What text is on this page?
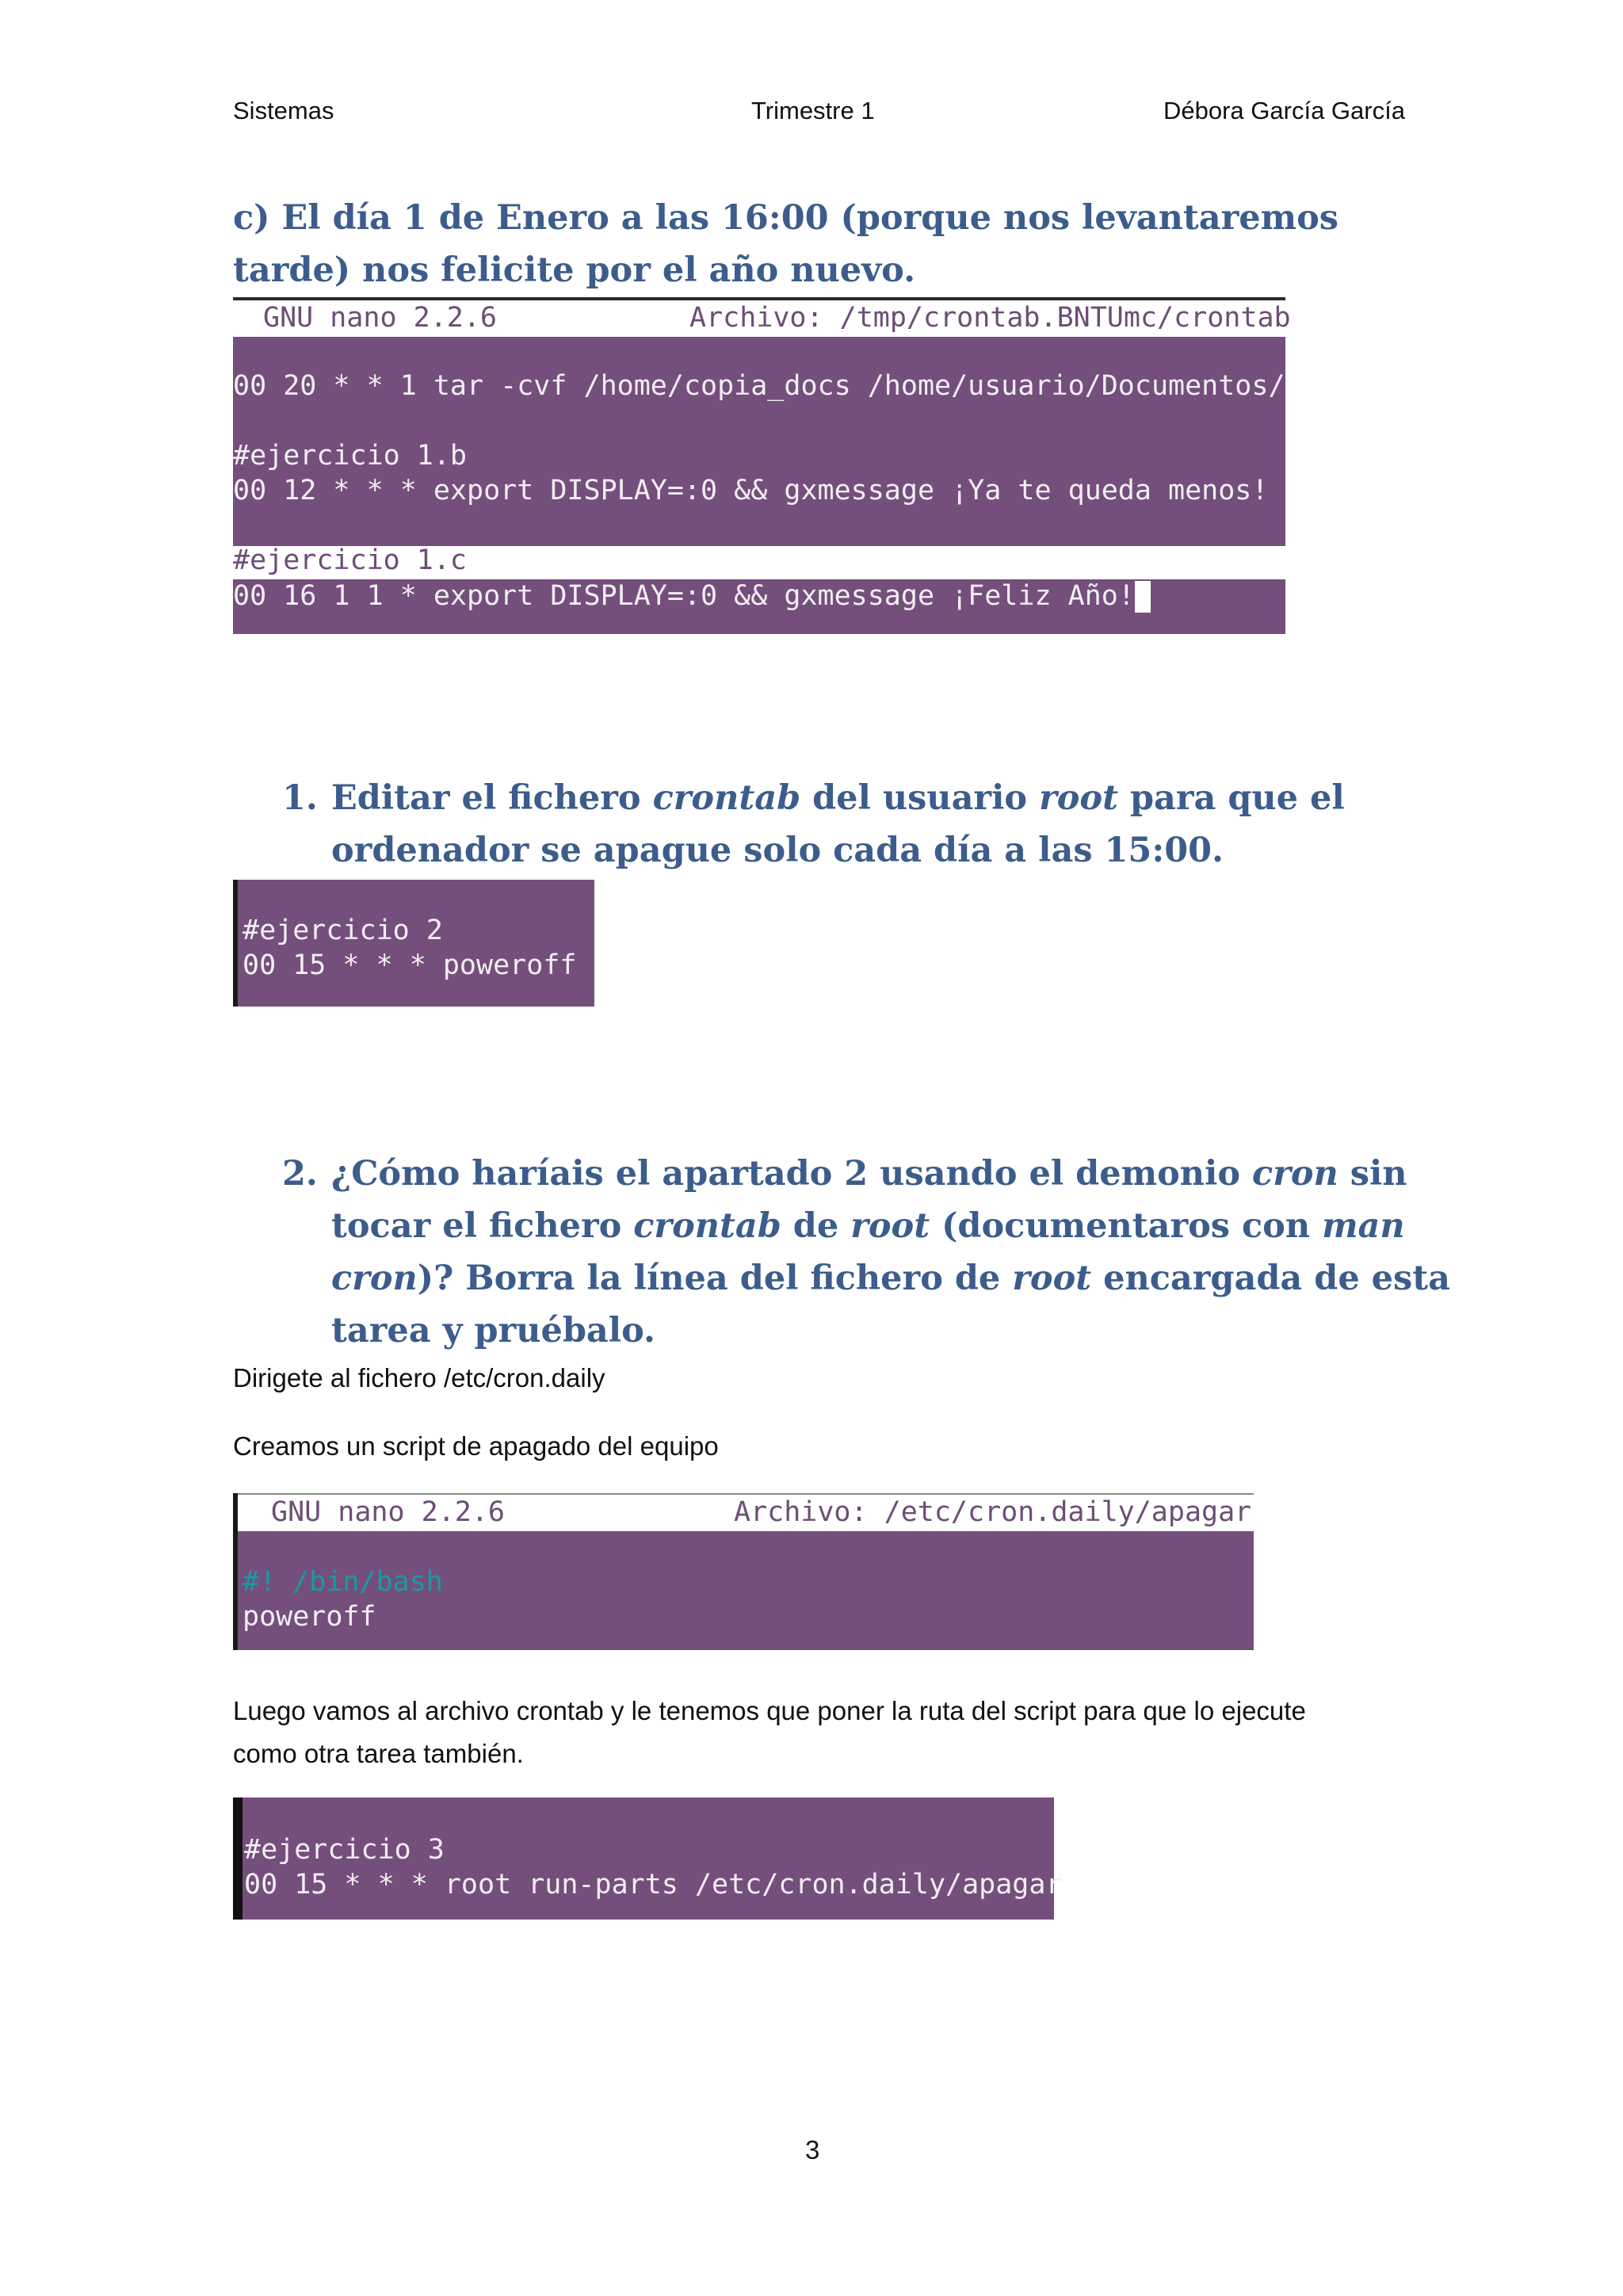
Sistemas	Trimestre 1	Débora García García
c) El día 1 de Enero a las 16:00 (porque nos levantaremos
tarde) nos felicite por el año nuevo.

GNU nano 2.2.6

	Archivo: /tmp/crontab.BNTUmc/crontab

00 20 * * 1 tar -cvf /home/copia_docs /home/usuario/Documentos/

#ejercicio 1.b

00 12 * * * export DISPLAY=:0 && gxmessage ¡Ya te queda menos!

#ejercicio 1.c

00 16 1 1 * export DISPLAY=:0 && gxmessage ¡Feliz Año!

1. Editar el fichero crontab del usuario root para que el
ordenador se apague solo cada día a las 15:00.

#ejercicio 2

00 15 * * * poweroff

2. ¿Cómo haríais el apartado 2 usando el demonio cron sin
tocar el fichero crontab de root (documentaros con man
cron)? Borra la línea del fichero de root encargada de esta
tarea y pruébalo.
Dirigete al fichero /etc/cron.daily
Creamos un script de apagado del equipo

GNU nano 2.2.6

	Archivo: /etc/cron.daily/apagar

#! /bin/bash

poweroff

Luego vamos al archivo crontab y le tenemos que poner la ruta del script para que lo ejecute
como otra tarea también.

#ejercicio 3

00 15 * * * root run-parts /etc/cron.daily/apagar

3
